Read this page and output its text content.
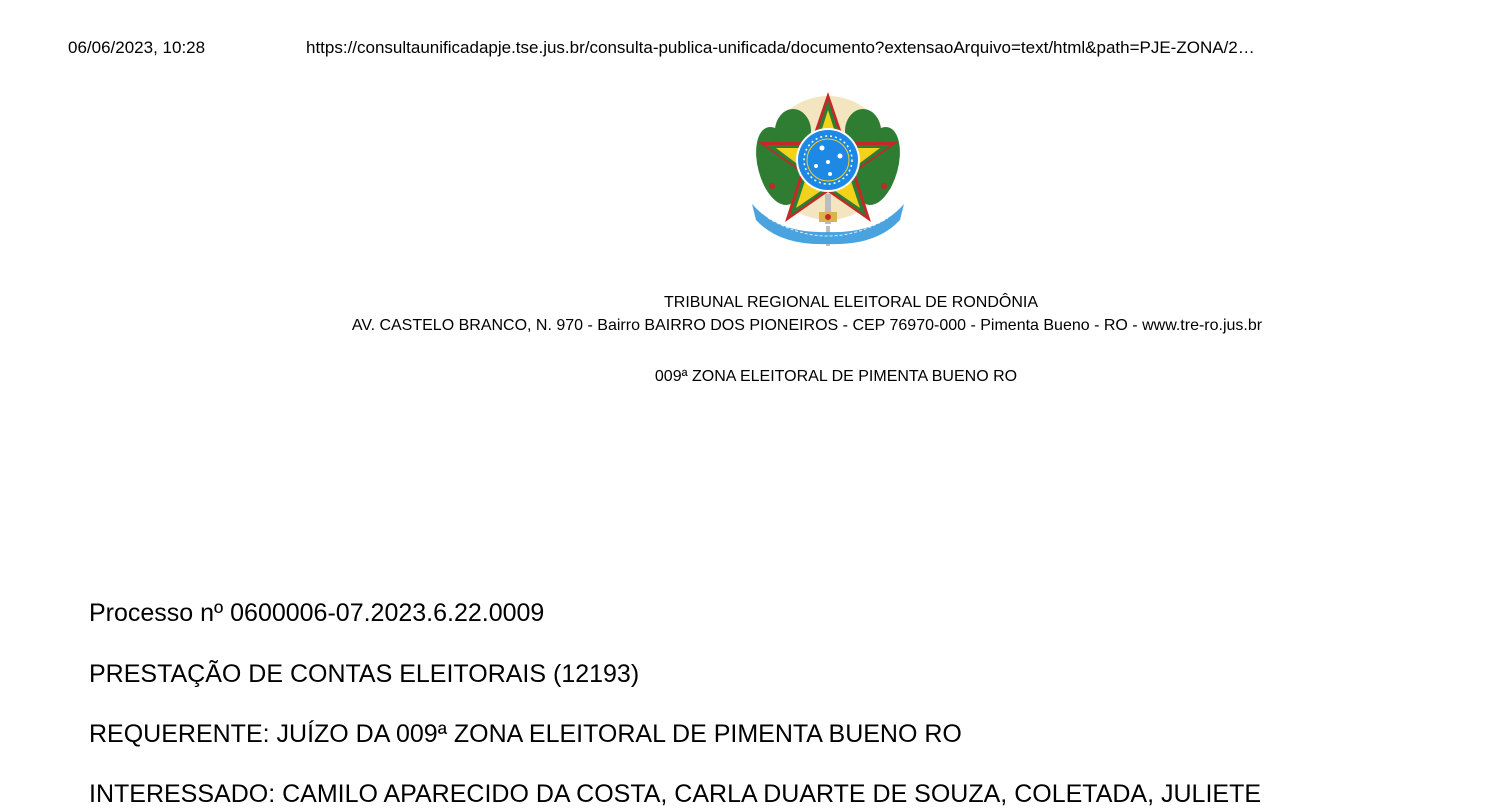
06/06/2023, 10:28	https://consultaunificadapje.tse.jus.br/consulta-publica-unificada/documento?extensaoArquivo=text/html&path=PJE-ZONA/2…
TRIBUNAL REGIONAL ELEITORAL DE RONDÔNIA
AV. CASTELO BRANCO, N. 970 - Bairro BAIRRO DOS PIONEIROS - CEP 76970-000 - Pimenta Bueno - RO - www.tre-ro.jus.br
009ª ZONA ELEITORAL DE PIMENTA BUENO RO
Processo nº 0600006-07.2023.6.22.0009
PRESTAÇÃO DE CONTAS ELEITORAIS (12193)
REQUERENTE: JUÍZO DA 009ª ZONA ELEITORAL DE PIMENTA BUENO RO
INTERESSADO: CAMILO APARECIDO DA COSTA, CARLA DUARTE DE SOUZA, COLETADA, JULIETE
